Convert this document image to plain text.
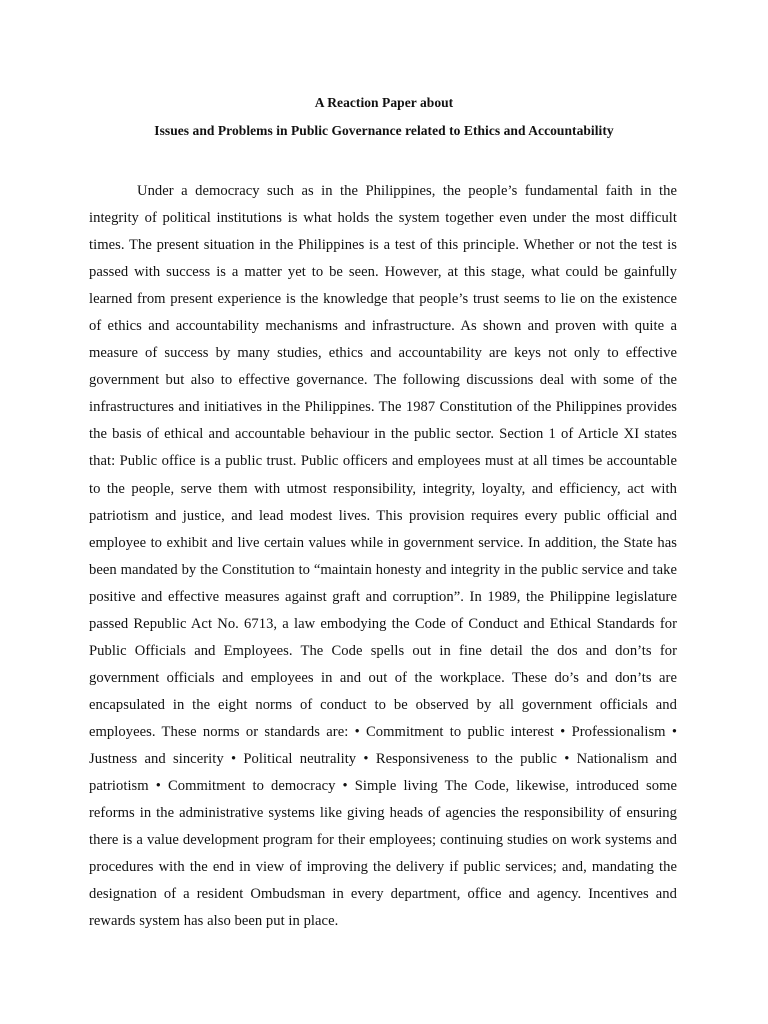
A Reaction Paper about
Issues and Problems in Public Governance related to Ethics and Accountability

Under a democracy such as in the Philippines, the people’s fundamental faith in the integrity of political institutions is what holds the system together even under the most difficult times. The present situation in the Philippines is a test of this principle. Whether or not the test is passed with success is a matter yet to be seen. However, at this stage, what could be gainfully learned from present experience is the knowledge that people’s trust seems to lie on the existence of ethics and accountability mechanisms and infrastructure. As shown and proven with quite a measure of success by many studies, ethics and accountability are keys not only to effective government but also to effective governance. The following discussions deal with some of the infrastructures and initiatives in the Philippines. The 1987 Constitution of the Philippines provides the basis of ethical and accountable behaviour in the public sector. Section 1 of Article XI states that: Public office is a public trust. Public officers and employees must at all times be accountable to the people, serve them with utmost responsibility, integrity, loyalty, and efficiency, act with patriotism and justice, and lead modest lives. This provision requires every public official and employee to exhibit and live certain values while in government service. In addition, the State has been mandated by the Constitution to “maintain honesty and integrity in the public service and take positive and effective measures against graft and corruption”. In 1989, the Philippine legislature passed Republic Act No. 6713, a law embodying the Code of Conduct and Ethical Standards for Public Officials and Employees. The Code spells out in fine detail the dos and don’ts for government officials and employees in and out of the workplace. These do’s and don’ts are encapsulated in the eight norms of conduct to be observed by all government officials and employees. These norms or standards are: • Commitment to public interest • Professionalism • Justness and sincerity • Political neutrality • Responsiveness to the public • Nationalism and patriotism • Commitment to democracy • Simple living The Code, likewise, introduced some reforms in the administrative systems like giving heads of agencies the responsibility of ensuring there is a value development program for their employees; continuing studies on work systems and procedures with the end in view of improving the delivery if public services; and, mandating the designation of a resident Ombudsman in every department, office and agency. Incentives and rewards system has also been put in place.
